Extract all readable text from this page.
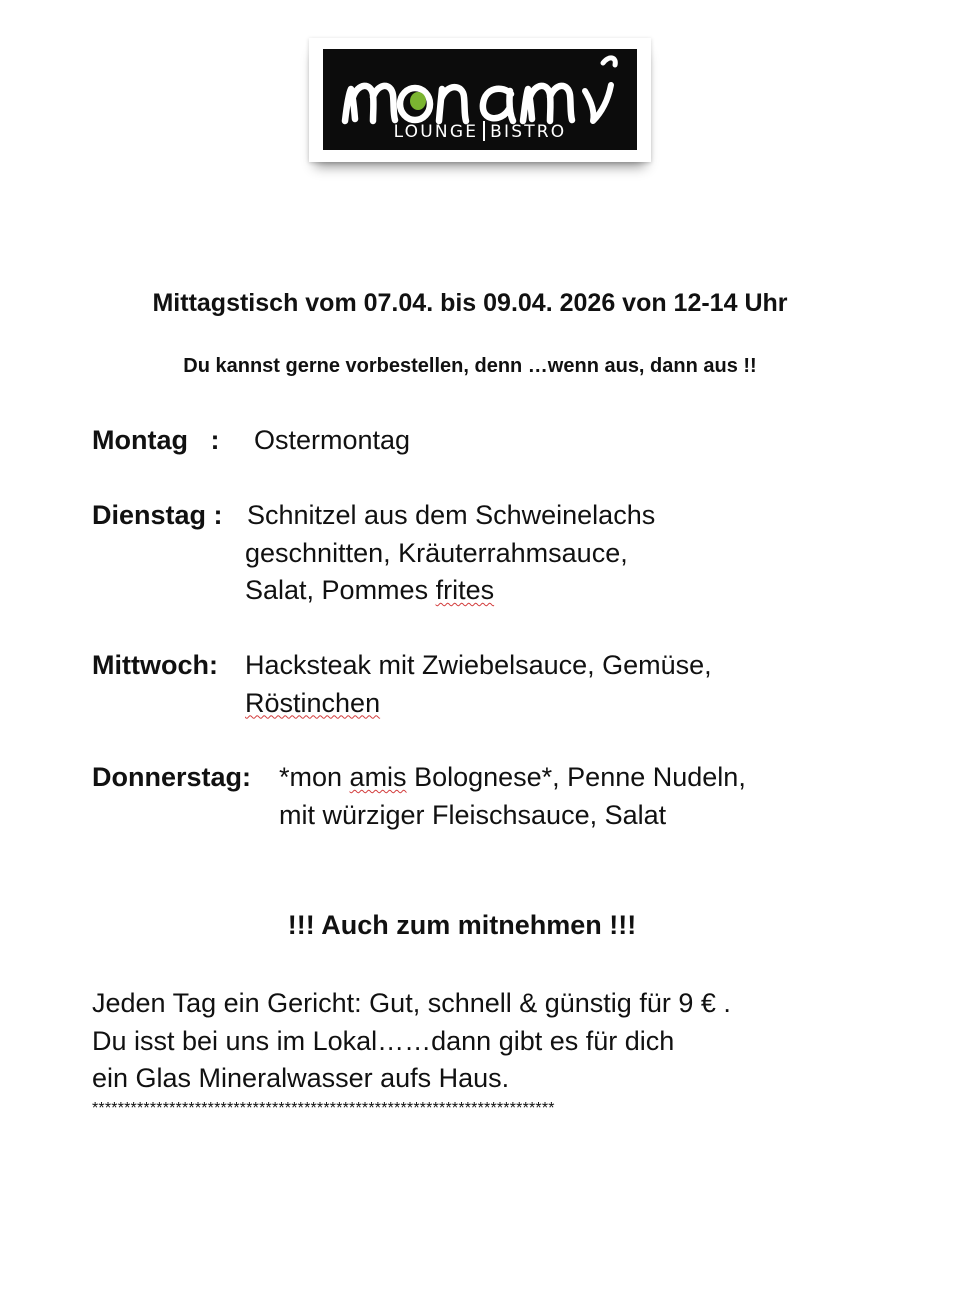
LOUNGE BISTRO
Mittagstisch vom 07.04. bis 09.04. 2026 von 12-14 Uhr
Du kannst gerne vorbestellen, denn …wenn aus, dann aus !!
Montag   :	Ostermontag
Dienstag : Schnitzel aus dem Schweinelachs
geschnitten, Kräuterrahmsauce,
Salat, Pommes frites
Mittwoch:	Hacksteak mit Zwiebelsauce, Gemüse,
Röstinchen
Donnerstag:	*mon amis Bolognese*, Penne Nudeln,
mit würziger Fleischsauce, Salat
!!! Auch zum mitnehmen !!!
Jeden Tag ein Gericht: Gut, schnell & günstig für 9 € .
Du isst bei uns im Lokal……dann gibt es für dich
ein Glas Mineralwasser aufs Haus.
************************************************************************
